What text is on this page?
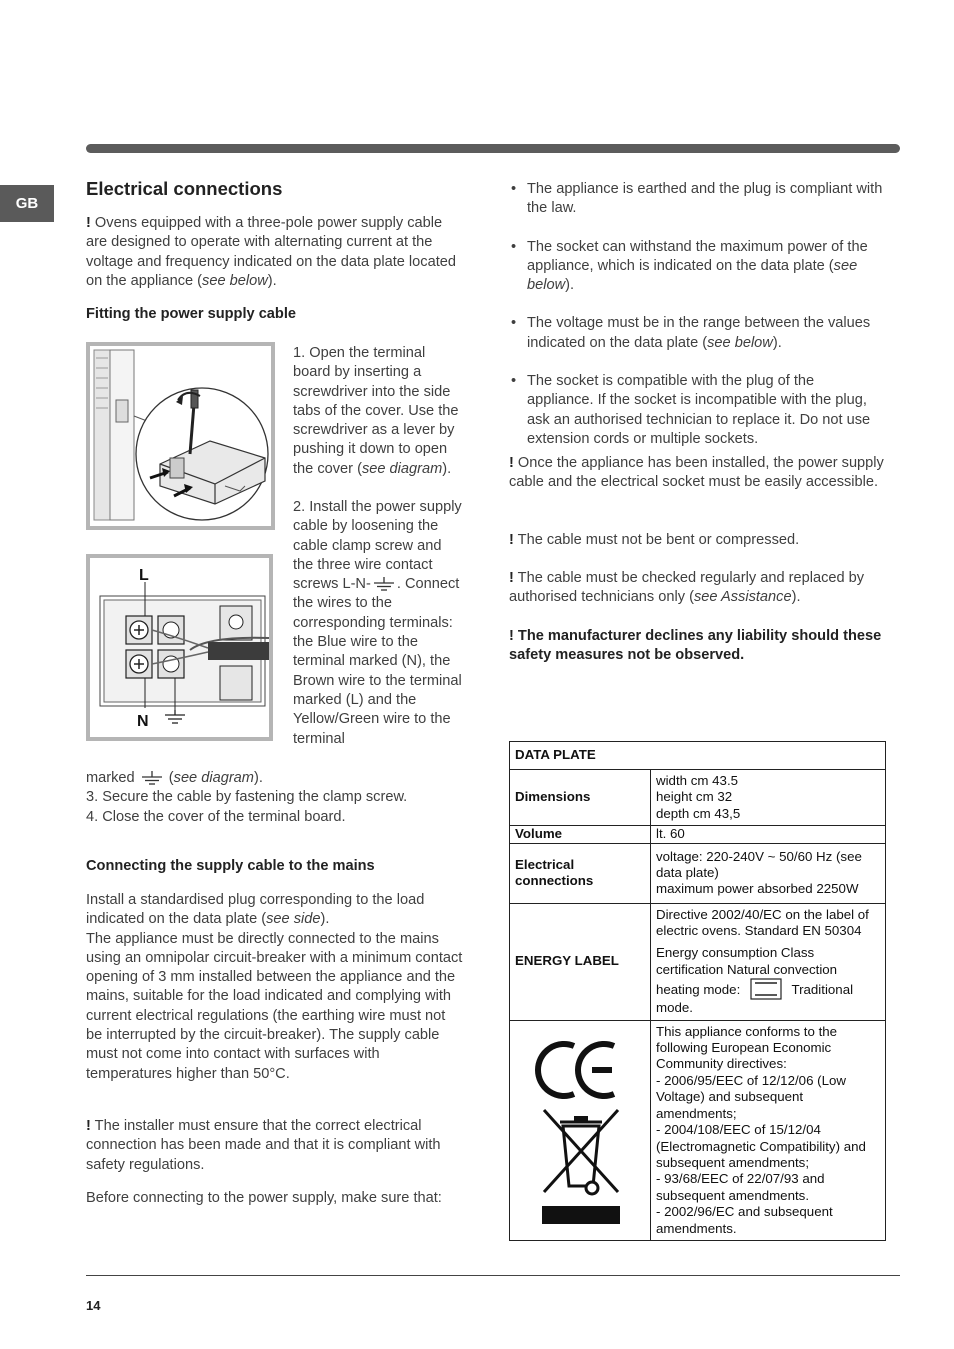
GB
Electrical connections
! Ovens equipped with a three-pole power supply cable are designed to operate with alternating current at the voltage and frequency indicated on the data plate located on the appliance (see below).
Fitting the power supply cable
L
N
1. Open the terminal board by inserting a screwdriver into the side tabs of the cover. Use the screwdriver as a lever by pushing it down to open the cover (see diagram).
2. Install the power supply cable by loosening the cable clamp screw and the three wire contact screws L-N- . Connect the wires to the corresponding terminals: the Blue wire to the terminal marked (N), the Brown wire to the terminal marked (L) and the Yellow/Green wire to the terminal
marked  (see diagram).
3. Secure the cable by fastening the clamp screw.
4. Close the cover of the terminal board.
Connecting the supply cable to the mains
Install a standardised plug corresponding to the load indicated on the data plate (see side).
The appliance must be directly connected to the mains using an omnipolar circuit-breaker with a minimum contact opening of 3 mm installed between the appliance and the mains, suitable for the load indicated and complying with current electrical regulations (the earthing wire must not be interrupted by the circuit-breaker). The supply cable must not come into contact with surfaces with temperatures higher than 50°C.
! The installer must ensure that the correct electrical connection has been made and that it is compliant with safety regulations.
Before connecting to the power supply, make sure that:
• The appliance is earthed and the plug is compliant with the law.
• The socket can withstand the maximum power of the appliance, which is indicated on the data plate (see below).
• The voltage must be in the range between the values indicated on the data plate (see below).
• The socket is compatible with the plug of the appliance. If the socket is incompatible with the plug, ask an authorised technician to replace it. Do not use extension cords or multiple sockets.
! Once the appliance has been installed, the power supply cable and the electrical socket must be easily accessible.
! The cable must not be bent or compressed.
! The cable must be checked regularly and replaced by authorised technicians only (see Assistance).
! The manufacturer declines any liability should these safety measures not be observed.
DATA PLATE	
Dimensions	width cm 43.5
height cm 32
depth cm 43,5

Volume	lt. 60
Electrical connections	voltage: 220-240V ~ 50/60 Hz (see data plate)
maximum power absorbed 2250W

ENERGY LABEL	Directive 2002/40/EC on the label of electric ovens. Standard EN 50304
Energy consumption Class certification Natural convection heating mode: Traditional mode.

This appliance conforms to the following European Economic Community directives:
- 2006/95/EEC of 12/12/06 (Low Voltage) and subsequent amendments;
- 2004/108/EEC of 15/12/04 (Electromagnetic Compatibility) and subsequent amendments;
- 93/68/EEC of 22/07/93 and subsequent amendments.
- 2002/96/EC and subsequent amendments.
14
